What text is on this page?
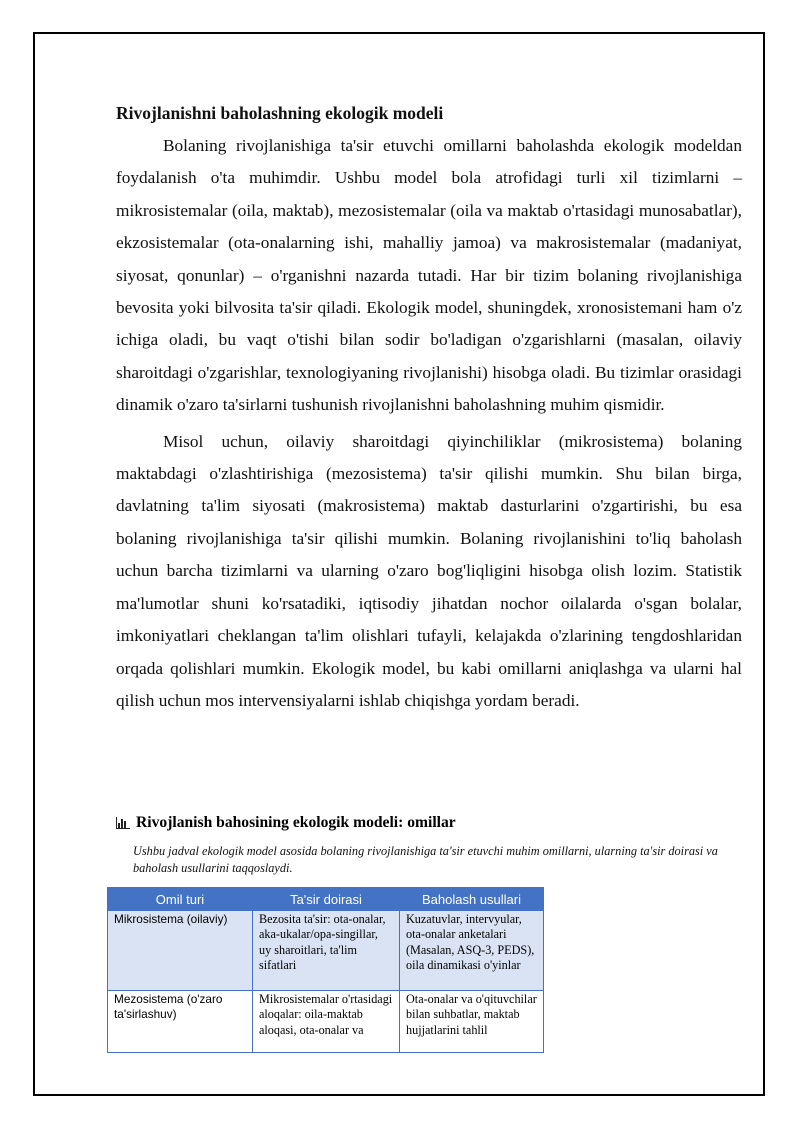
Rivojlanishni baholashning ekologik modeli

Bolaning rivojlanishiga ta'sir etuvchi omillarni baholashda ekologik modeldan foydalanish o'ta muhimdir. Ushbu model bola atrofidagi turli xil tizimlarni – mikrosistemalar (oila, maktab), mezosistemalar (oila va maktab o'rtasidagi munosabatlar), ekzosistemalar (ota-onalarning ishi, mahalliy jamoa) va makrosistemalar (madaniyat, siyosat, qonunlar) – o'rganishni nazarda tutadi. Har bir tizim bolaning rivojlanishiga bevosita yoki bilvosita ta'sir qiladi. Ekologik model, shuningdek, xronosistemani ham o'z ichiga oladi, bu vaqt o'tishi bilan sodir bo'ladigan o'zgarishlarni (masalan, oilaviy sharoitdagi o'zgarishlar, texnologiyaning rivojlanishi) hisobga oladi. Bu tizimlar orasidagi dinamik o'zaro ta'sirlarni tushunish rivojlanishni baholashning muhim qismidir.

Misol uchun, oilaviy sharoitdagi qiyinchiliklar (mikrosistema) bolaning maktabdagi o'zlashtirishiga (mezosistema) ta'sir qilishi mumkin. Shu bilan birga, davlatning ta'lim siyosati (makrosistema) maktab dasturlarini o'zgartirishi, bu esa bolaning rivojlanishiga ta'sir qilishi mumkin. Bolaning rivojlanishini to'liq baholash uchun barcha tizimlarni va ularning o'zaro bog'liqligini hisobga olish lozim. Statistik ma'lumotlar shuni ko'rsatadiki, iqtisodiy jihatdan nochor oilalarda o'sgan bolalar, imkoniyatlari cheklangan ta'lim olishlari tufayli, kelajakda o'zlarining tengdoshlaridan orqada qolishlari mumkin. Ekologik model, bu kabi omillarni aniqlashga va ularni hal qilish uchun mos intervensiyalarni ishlab chiqishga yordam beradi.

Rivojlanish bahosining ekologik modeli: omillar
Ushbu jadval ekologik model asosida bolaning rivojlanishiga ta'sir etuvchi muhim omillarni, ularning ta'sir doirasi va baholash usullarini taqqoslaydi.
Omil turi	Ta'sir doirasi	Baholash usullari

Mikrosistema (oilaviy)	Bezosita ta'sir: ota-onalar, aka-ukalar/opa-singillar, uy sharoitlari, ta'lim sifatlari	Kuzatuvlar, intervyular, ota-onalar anketalari (Masalan, ASQ-3, PEDS), oila dinamikasi o'yinlar

Mezosistema (o'zaro ta'sirlashuv)	Mikrosistemalar o'rtasidagi aloqalar: oila-maktab aloqasi, ota-onalar va	Ota-onalar va o'qituvchilar bilan suhbatlar, maktab hujjatlarini tahlil
